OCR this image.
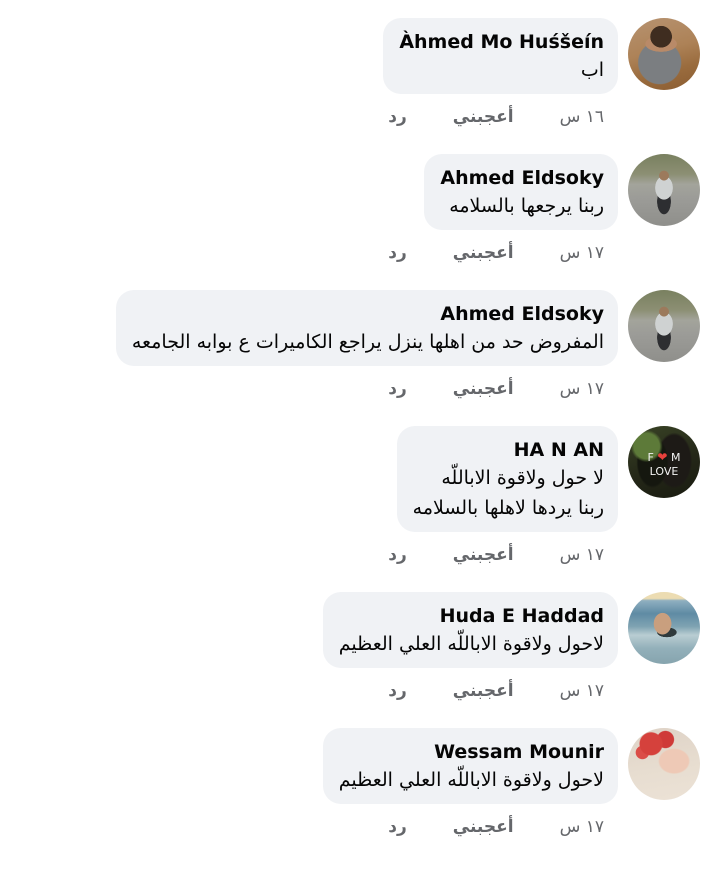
Àhmed Mo Huśšeín
اب
١٦ س
أعجبني
رد
Ahmed Eldsoky
ربنا يرجعها بالسلامه
١٧ س
أعجبني
رد
Ahmed Eldsoky
المفروض حد من اهلها ينزل يراجع الكاميرات ع بوابه الجامعه
١٧ س
أعجبني
رد
F ❤ M
LOVE
HA N AN
لا حول ولاقوة الاباللّه
ربنا يردها لاهلها بالسلامه
١٧ س
أعجبني
رد
Huda E Haddad
لاحول ولاقوة الاباللّه العلي العظيم
١٧ س
أعجبني
رد
Wessam Mounir
لاحول ولاقوة الاباللّه العلي العظيم
١٧ س
أعجبني
رد
